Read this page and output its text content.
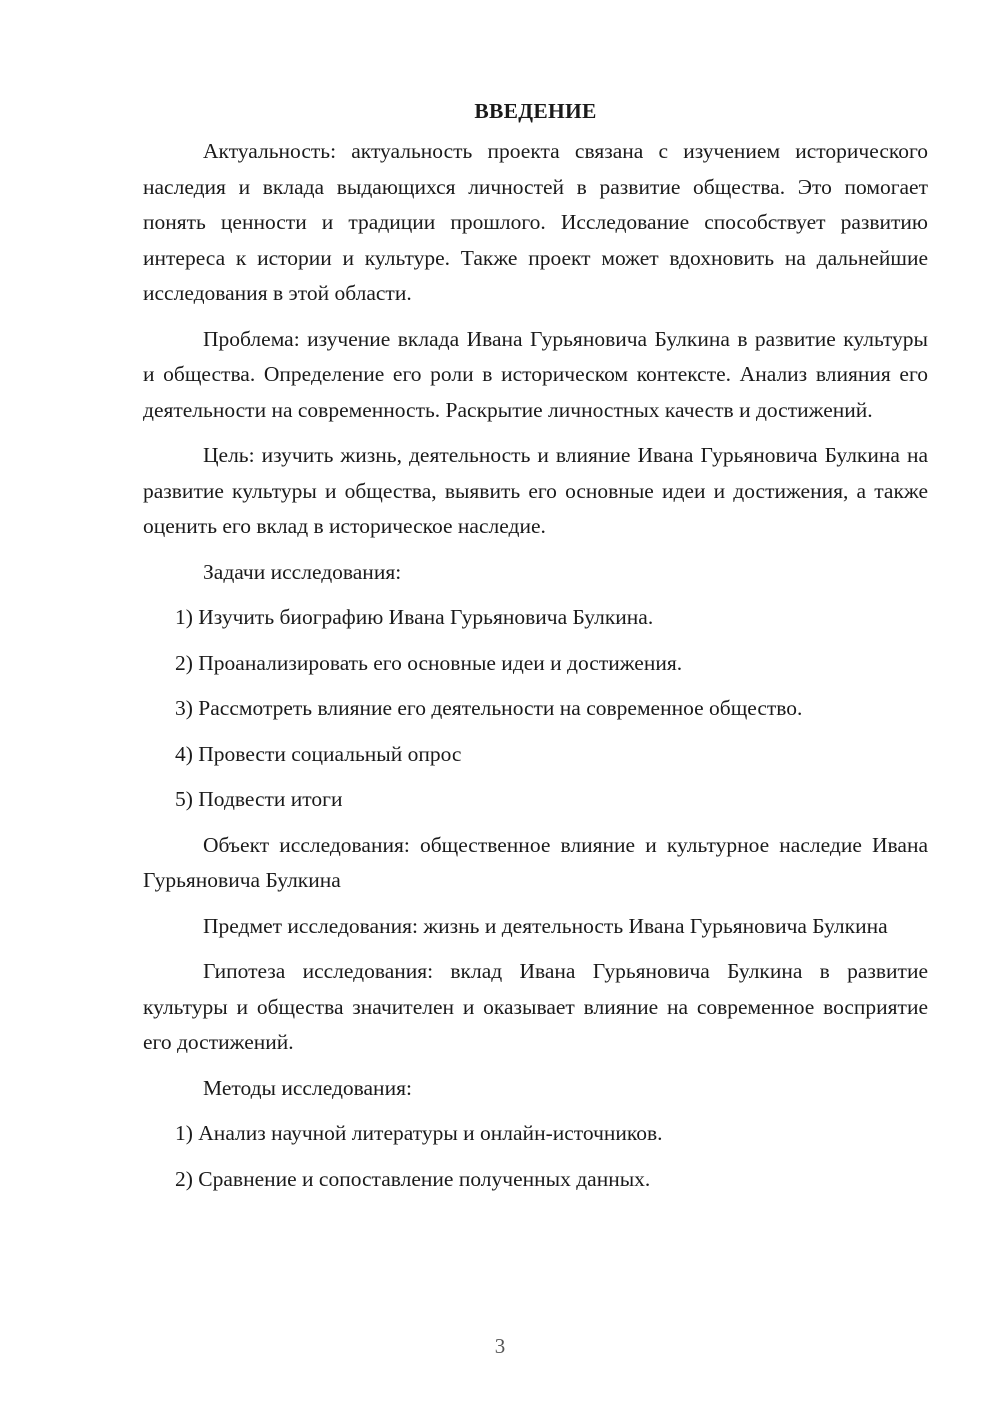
ВВЕДЕНИЕ

Актуальность: актуальность проекта связана с изучением исторического наследия и вклада выдающихся личностей в развитие общества. Это помогает понять ценности и традиции прошлого. Исследование способствует развитию интереса к истории и культуре. Также проект может вдохновить на дальнейшие исследования в этой области.

Проблема: изучение вклада Ивана Гурьяновича Булкина в развитие культуры и общества. Определение его роли в историческом контексте. Анализ влияния его деятельности на современность. Раскрытие личностных качеств и достижений.

Цель: изучить жизнь, деятельность и влияние Ивана Гурьяновича Булкина на развитие культуры и общества, выявить его основные идеи и достижения, а также оценить его вклад в историческое наследие.

Задачи исследования:
1) Изучить биографию Ивана Гурьяновича Булкина.
2) Проанализировать его основные идеи и достижения.
3) Рассмотреть влияние его деятельности на современное общество.
4) Провести социальный опрос
5) Подвести итоги

Объект исследования: общественное влияние и культурное наследие Ивана Гурьяновича Булкина

Предмет исследования: жизнь и деятельность Ивана Гурьяновича Булкина

Гипотеза исследования: вклад Ивана Гурьяновича Булкина в развитие культуры и общества значителен и оказывает влияние на современное восприятие его достижений.

Методы исследования:
1) Анализ научной литературы и онлайн-источников.
2) Сравнение и сопоставление полученных данных.
3
